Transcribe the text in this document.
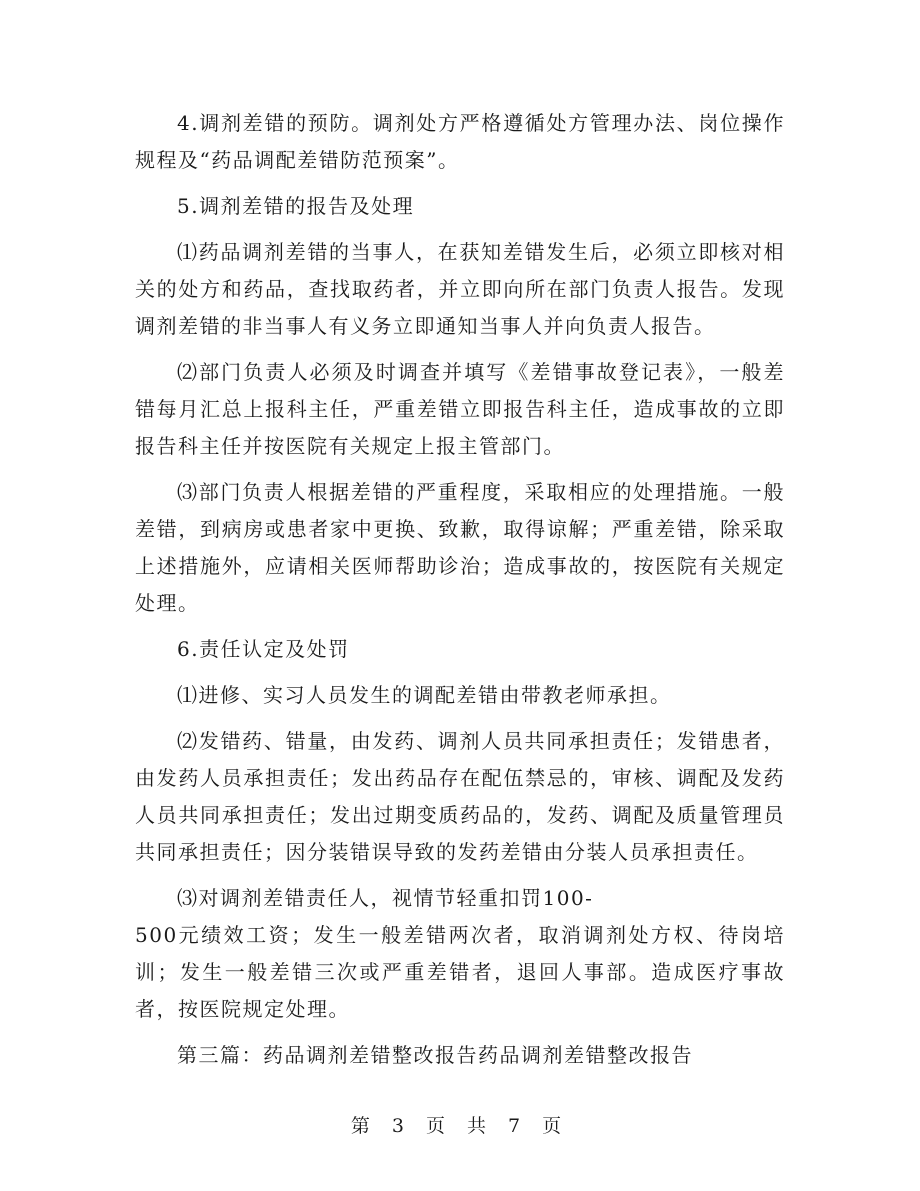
4.调剂差错的预防。调剂处方严格遵循处方管理办法、岗位操作规程及“药品调配差错防范预案”。

5.调剂差错的报告及处理

⑴药品调剂差错的当事人，在获知差错发生后，必须立即核对相关的处方和药品，查找取药者，并立即向所在部门负责人报告。发现调剂差错的非当事人有义务立即通知当事人并向负责人报告。

⑵部门负责人必须及时调查并填写《差错事故登记表》，一般差错每月汇总上报科主任，严重差错立即报告科主任，造成事故的立即报告科主任并按医院有关规定上报主管部门。

⑶部门负责人根据差错的严重程度，采取相应的处理措施。一般差错，到病房或患者家中更换、致歉，取得谅解；严重差错，除采取上述措施外，应请相关医师帮助诊治；造成事故的，按医院有关规定处理。

6.责任认定及处罚

⑴进修、实习人员发生的调配差错由带教老师承担。

⑵发错药、错量，由发药、调剂人员共同承担责任；发错患者，由发药人员承担责任；发出药品存在配伍禁忌的，审核、调配及发药人员共同承担责任；发出过期变质药品的，发药、调配及质量管理员共同承担责任；因分装错误导致的发药差错由分装人员承担责任。

⑶对调剂差错责任人，视情节轻重扣罚100-

500元绩效工资；发生一般差错两次者，取消调剂处方权、待岗培训；发生一般差错三次或严重差错者，退回人事部。造成医疗事故者，按医院规定处理。

第三篇：药品调剂差错整改报告药品调剂差错整改报告

第 3 页 共 7 页
